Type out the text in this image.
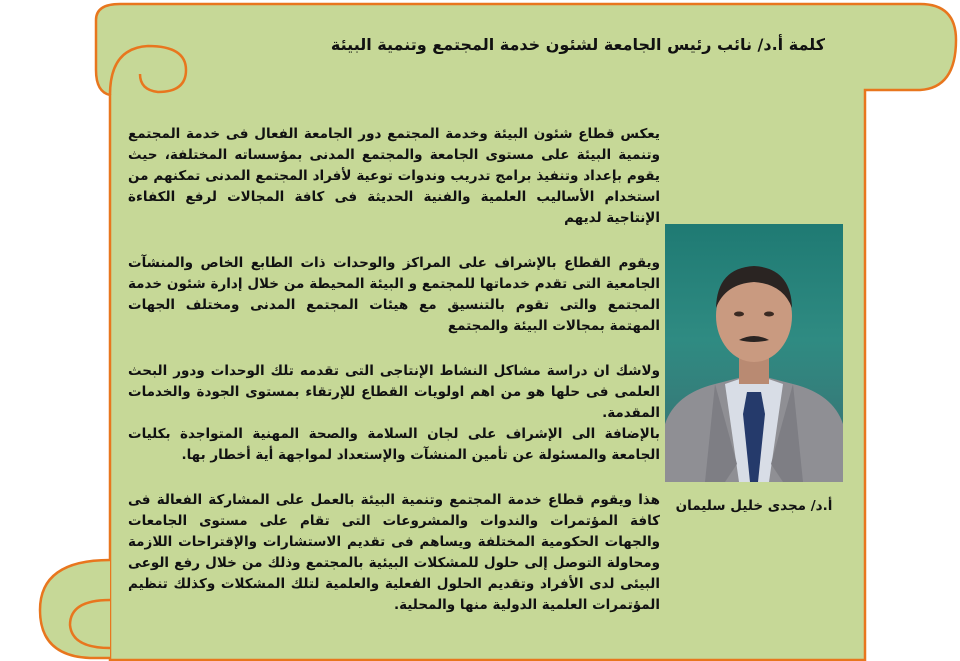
كلمة أ.د/ نائب رئيس الجامعة لشئون خدمة المجتمع وتنمية البيئة

يعكس قطاع شئون البيئة وخدمة المجتمع دور الجامعة الفعال فى خدمة المجتمع وتنمية البيئة على مستوى الجامعة والمجتمع المدنى بمؤسساته المختلفة، حيث يقوم بإعداد وتنفيذ برامج تدريب وندوات توعية لأفراد المجتمع المدنى تمكنهم من استخدام الأساليب العلمية والفنية الحديثة فى كافة المجالات لرفع الكفاءة الإنتاجية لديهم

ويقوم القطاع بالإشراف على المراكز والوحدات ذات الطابع الخاص والمنشآت الجامعية التى تقدم خدماتها للمجتمع و البيئة المحيطة من خلال إدارة شئون خدمة المجتمع والتى تقوم بالتنسيق مع هيئات المجتمع المدنى ومختلف الجهات المهتمة بمجالات البيئة والمجتمع

ولاشك ان دراسة مشاكل النشاط الإنتاجى التى تقدمه تلك الوحدات ودور البحث العلمى فى حلها هو من اهم اولويات القطاع للإرتقاء بمستوى الجودة والخدمات المقدمة.
بالإضافة الى الإشراف على لجان السلامة والصحة المهنية المتواجدة بكليات الجامعة والمسئولة عن تأمين المنشآت والإستعداد لمواجهة أية أخطار بها.

هذا ويقوم قطاع خدمة المجتمع وتنمية البيئة بالعمل على المشاركة الفعالة فى كافة المؤتمرات والندوات والمشروعات التى تقام على مستوى الجامعات والجهات الحكومية المختلفة ويساهم فى تقديم الاستشارات والإقتراحات اللازمة ومحاولة التوصل إلى حلول للمشكلات البيئية بالمجتمع وذلك من خلال رفع الوعى البيئى لدى الأفراد وتقديم الحلول الفعلية والعلمية لتلك المشكلات وكذلك تنظيم المؤتمرات العلمية الدولية منها والمحلية.

أ.د/ مجدى خليل سليمان
